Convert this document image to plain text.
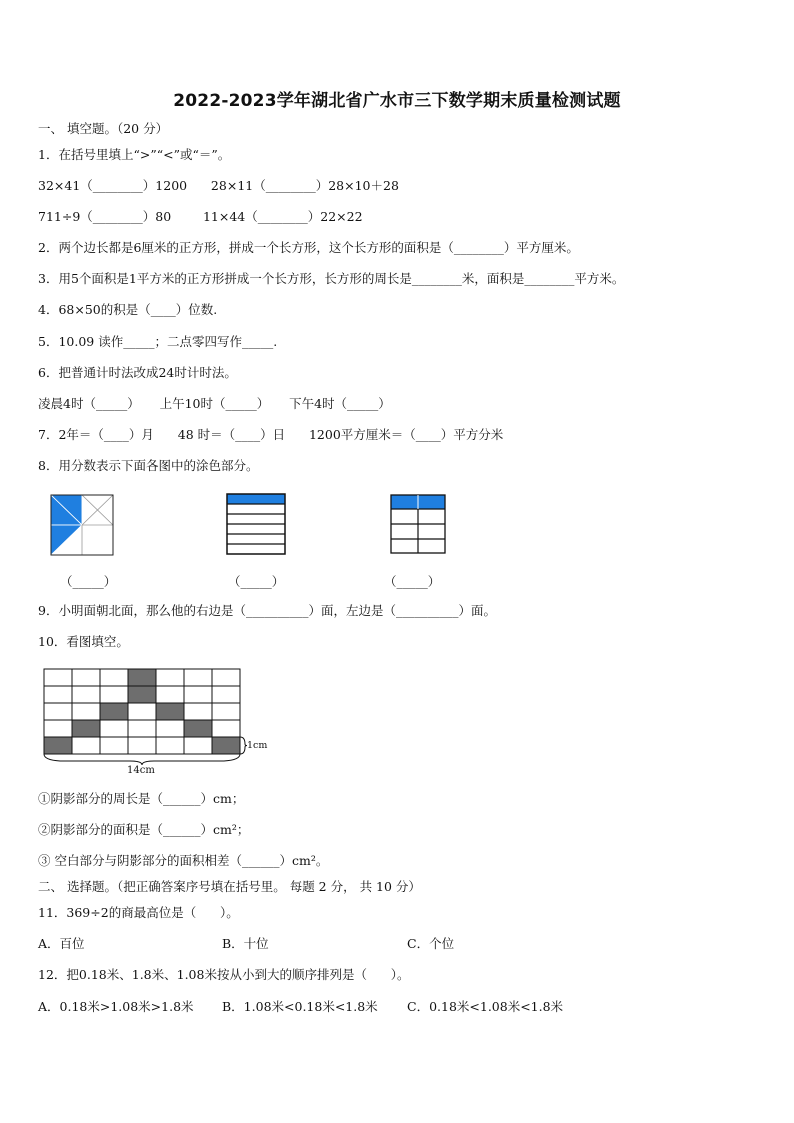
2022-2023学年湖北省广水市三下数学期末质量检测试题
一、 填空题。（20 分）
1．在括号里填上“>”“<”或“＝”。
32×41（________）1200      28×11（________）28×10＋28
711÷9（________）80        11×44（________）22×22
2．两个边长都是6厘米的正方形，拼成一个长方形，这个长方形的面积是（________）平方厘米。
3．用5个面积是1平方米的正方形拼成一个长方形，长方形的周长是________米，面积是________平方米。
4．68×50的积是（____）位数.
5．10.09 读作_____；二点零四写作_____.
6．把普通计时法改成24时计时法。
凌晨4时（_____）     上午10时（_____）     下午4时（_____）
7．2年＝（____）月      48 时＝（____）日      1200平方厘米＝（____）平方分米
8．用分数表示下面各图中的涂色部分。
（_____）	（_____）	（_____）
9．小明面朝北面，那么他的右边是（__________）面，左边是（__________）面。
10．看图填空。
14cm
1cm
①阴影部分的周长是（______）cm；
②阴影部分的面积是（______）cm²；
③ 空白部分与阴影部分的面积相差（______）cm²。
二、 选择题。（把正确答案序号填在括号里。 每题 2 分， 共 10 分）
11．369÷2的商最高位是（      ）。
A．百位	B．十位	C．个位
12．把0.18米、1.8米、1.08米按从小到大的顺序排列是（      ）。
A．0.18米>1.08米>1.8米 B．1.08米<0.18米<1.8米 C．0.18米<1.08米<1.8米
